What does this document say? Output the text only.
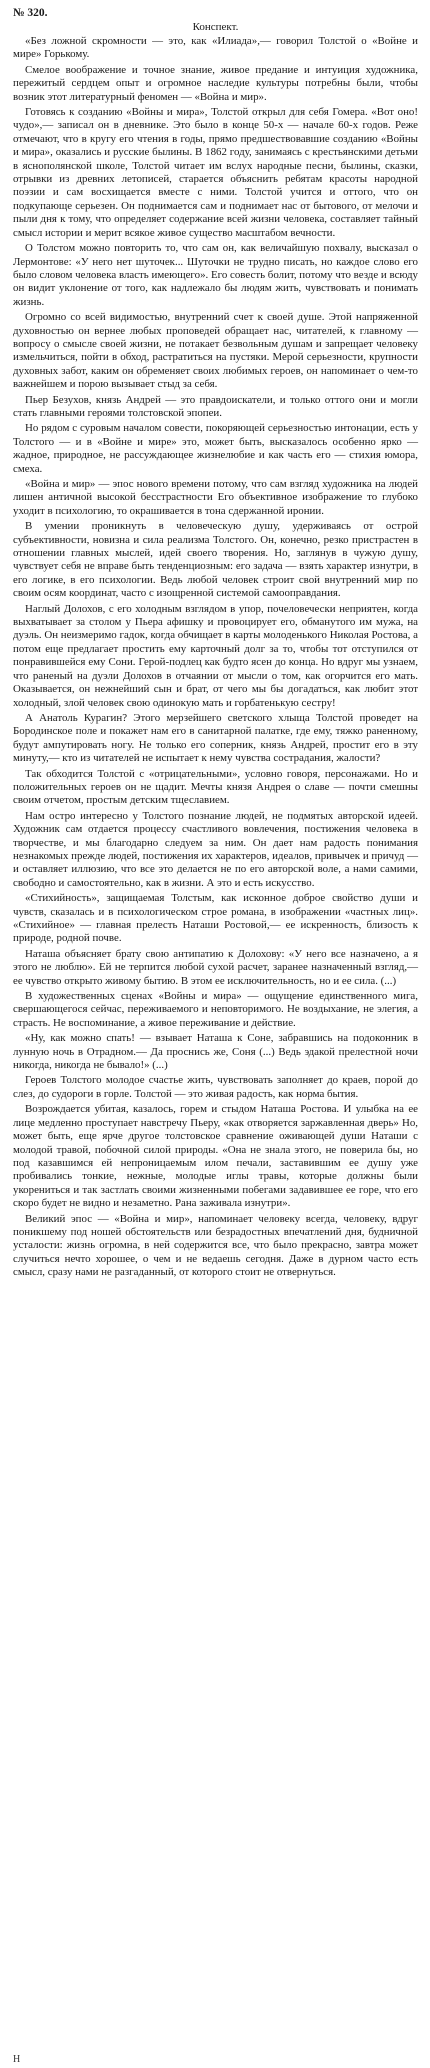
№ 320.
Конспект.

«Без ложной скромности — это, как «Илиада»,— говорил Толстой о «Войне и мире» Горькому.

Смелое воображение и точное знание, живое предание и интуиция художника, пережитый сердцем опыт и огромное наследие культуры потребны были, чтобы возник этот литературный феномен — «Война и мир».

Готовясь к созданию «Войны и мира», Толстой открыл для себя Гомера. «Вот оно! чудо»,— записал он в дневнике. Это было в конце 50-х — начале 60-х годов. Реже отмечают, что в кругу его чтения в годы, прямо предшествовавшие созданию «Войны и мира», оказались и русские былины. В 1862 году, занимаясь с крестьянскими детьми в яснополянской школе, Толстой читает им вслух народные песни, былины, сказки, отрывки из древних летописей, старается объяснить ребятам красоты народной поэзии и сам восхищается вместе с ними. Толстой учится и оттого, что он подкупающе серьезен. Он поднимается сам и поднимает нас от бытового, от мелочи и пыли дня к тому, что определяет содержание всей жизни человека, составляет тайный смысл истории и мерит всякое живое существо масштабом вечности.

О Толстом можно повторить то, что сам он, как величайшую похвалу, высказал о Лермонтове: «У него нет шуточек... Шуточки не трудно писать, но каждое слово его было словом человека власть имеющего». Его совесть болит, потому что везде и всюду он видит уклонение от того, как надлежало бы людям жить, чувствовать и понимать жизнь.

Огромно со всей видимостью, внутренний счет к своей душе. Этой напряженной духовностью он вернее любых проповедей обращает нас, читателей, к главному — вопросу о смысле своей жизни, не потакает безвольным душам и запрещает человеку измельчиться, пойти в обход, растратиться на пустяки. Мерой серьезности, крупности духовных забот, каким он обременяет своих любимых героев, он напоминает о чем-то важнейшем и порою вызывает стыд за себя.

Пьер Безухов, князь Андрей — это правдоискатели, и только оттого они и могли стать главными героями толстовской эпопеи.

Но рядом с суровым началом совести, покоряющей серьезностью интонации, есть у Толстого — и в «Войне и мире» это, может быть, высказалось особенно ярко — жадное, природное, не рассуждающее жизнелюбие и как часть его — стихия юмора, смеха.

«Война и мир» — эпос нового времени потому, что сам взгляд художника на людей лишен античной высокой бесстрастности Его объективное изображение то глубоко уходит в психологию, то окрашивается в тона сдержанной иронии.

В умении проникнуть в человеческую душу, удерживаясь от острой субъективности, новизна и сила реализма Толстого. Он, конечно, резко пристрастен в отношении главных мыслей, идей своего творения. Но, заглянув в чужую душу, чувствует себя не вправе быть тенденциозным: его задача — взять характер изнутри, в его логике, в его психологии. Ведь любой человек строит свой внутренний мир по своим осям координат, часто с изощренной системой самооправдания.

Наглый Долохов, с его холодным взглядом в упор, почеловечески неприятен, когда выхватывает за столом у Пьера афишку и провоцирует его, обманутого им мужа, на дуэль. Он неизмеримо гадок, когда обчищает в карты молоденького Николая Ростова, а потом еще предлагает простить ему карточный долг за то, чтобы тот отступился от понравившейся ему Сони. Герой-подлец как будто ясен до конца. Но вдруг мы узнаем, что раненый на дуэли Долохов в отчаянии от мысли о том, как огорчится его мать. Оказывается, он нежнейший сын и брат, от чего мы бы догадаться, как любит этот холодный, злой человек свою одинокую мать и горбатенькую сестру!

А Анатоль Курагин? Этого мерзейшего светского хлыща Толстой проведет на Бородинское поле и покажет нам его в санитарной палатке, где ему, тяжко раненному, будут ампутировать ногу. Не только его соперник, князь Андрей, простит его в эту минуту,— кто из читателей не испытает к нему чувства сострадания, жалости?

Так обходится Толстой с «отрицательными», условно говоря, персонажами. Но и положительных героев он не щадит. Мечты князя Андрея о славе — почти смешны своим отчетом, простым детским тщеславием.

Нам остро интересно у Толстого познание людей, не подмятых авторской идеей. Художник сам отдается процессу счастливого вовлечения, постижения человека в творчестве, и мы благодарно следуем за ним. Он дает нам радость понимания незнакомых прежде людей, постижения их характеров, идеалов, привычек и причуд — и оставляет иллюзию, что все это делается не по его авторской воле, а нами самими, свободно и самостоятельно, как в жизни. А это и есть искусство.

«Стихийность», защищаемая Толстым, как исконное доброе свойство души и чувств, сказалась и в психологическом строе романа, в изображении «частных лиц». «Стихийное» — главная прелесть Наташи Ростовой,— ее искренность, близость к природе, родной почве.

Наташа объясняет брату свою антипатию к Долохову: «У него все назначено, а я этого не люблю». Ей не терпится любой сухой расчет, заранее назначенный взгляд,— ее чувство открыто живому бытию. В этом ее исключительность, но и ее сила. (...)

В художественных сценах «Войны и мира» — ощущение единственного мига, свершающегося сейчас, переживаемого и неповторимого. Не воздыхание, не элегия, а страсть. Не воспоминание, а живое переживание и действие.

«Ну, как можно спать! — взывает Наташа к Соне, забравшись на подоконник в лунную ночь в Отрадном.— Да проснись же, Соня (...) Ведь эдакой прелестной ночи никогда, никогда не бывало!» (...)

Героев Толстого молодое счастье жить, чувствовать заполняет до краев, порой до слез, до судороги в горле. Толстой — это живая радость, как норма бытия.

Возрождается убитая, казалось, горем и стыдом Наташа Ростова. И улыбка на ее лице медленно проступает навстречу Пьеру, «как отворяется заржавленная дверь» Но, может быть, еще ярче другое толстовское сравнение оживающей души Наташи с молодой травой, побочной силой природы. «Она не знала этого, не поверила бы, но под казавшимся ей непроницаемым илом печали, заставившим ее душу уже пробивались тонкие, нежные, молодые иглы травы, которые должны были укорениться и так застлать своими жизненными побегами задавившее ее горе, что его скоро будет не видно и незаметно. Рана заживала изнутри».

Великий эпос — «Война и мир», напоминает человеку всегда, человеку, вдруг поникшему под ношей обстоятельств или безрадостных впечатлений дня, будничной усталости: жизнь огромна, в ней содержится все, что было прекрасно, завтра может случиться нечто хорошее, о чем и не ведаешь сегодня. Даже в дурном часто есть смысл, сразу нами не разгаданный, от которого стоит не отвернуться.

Н
